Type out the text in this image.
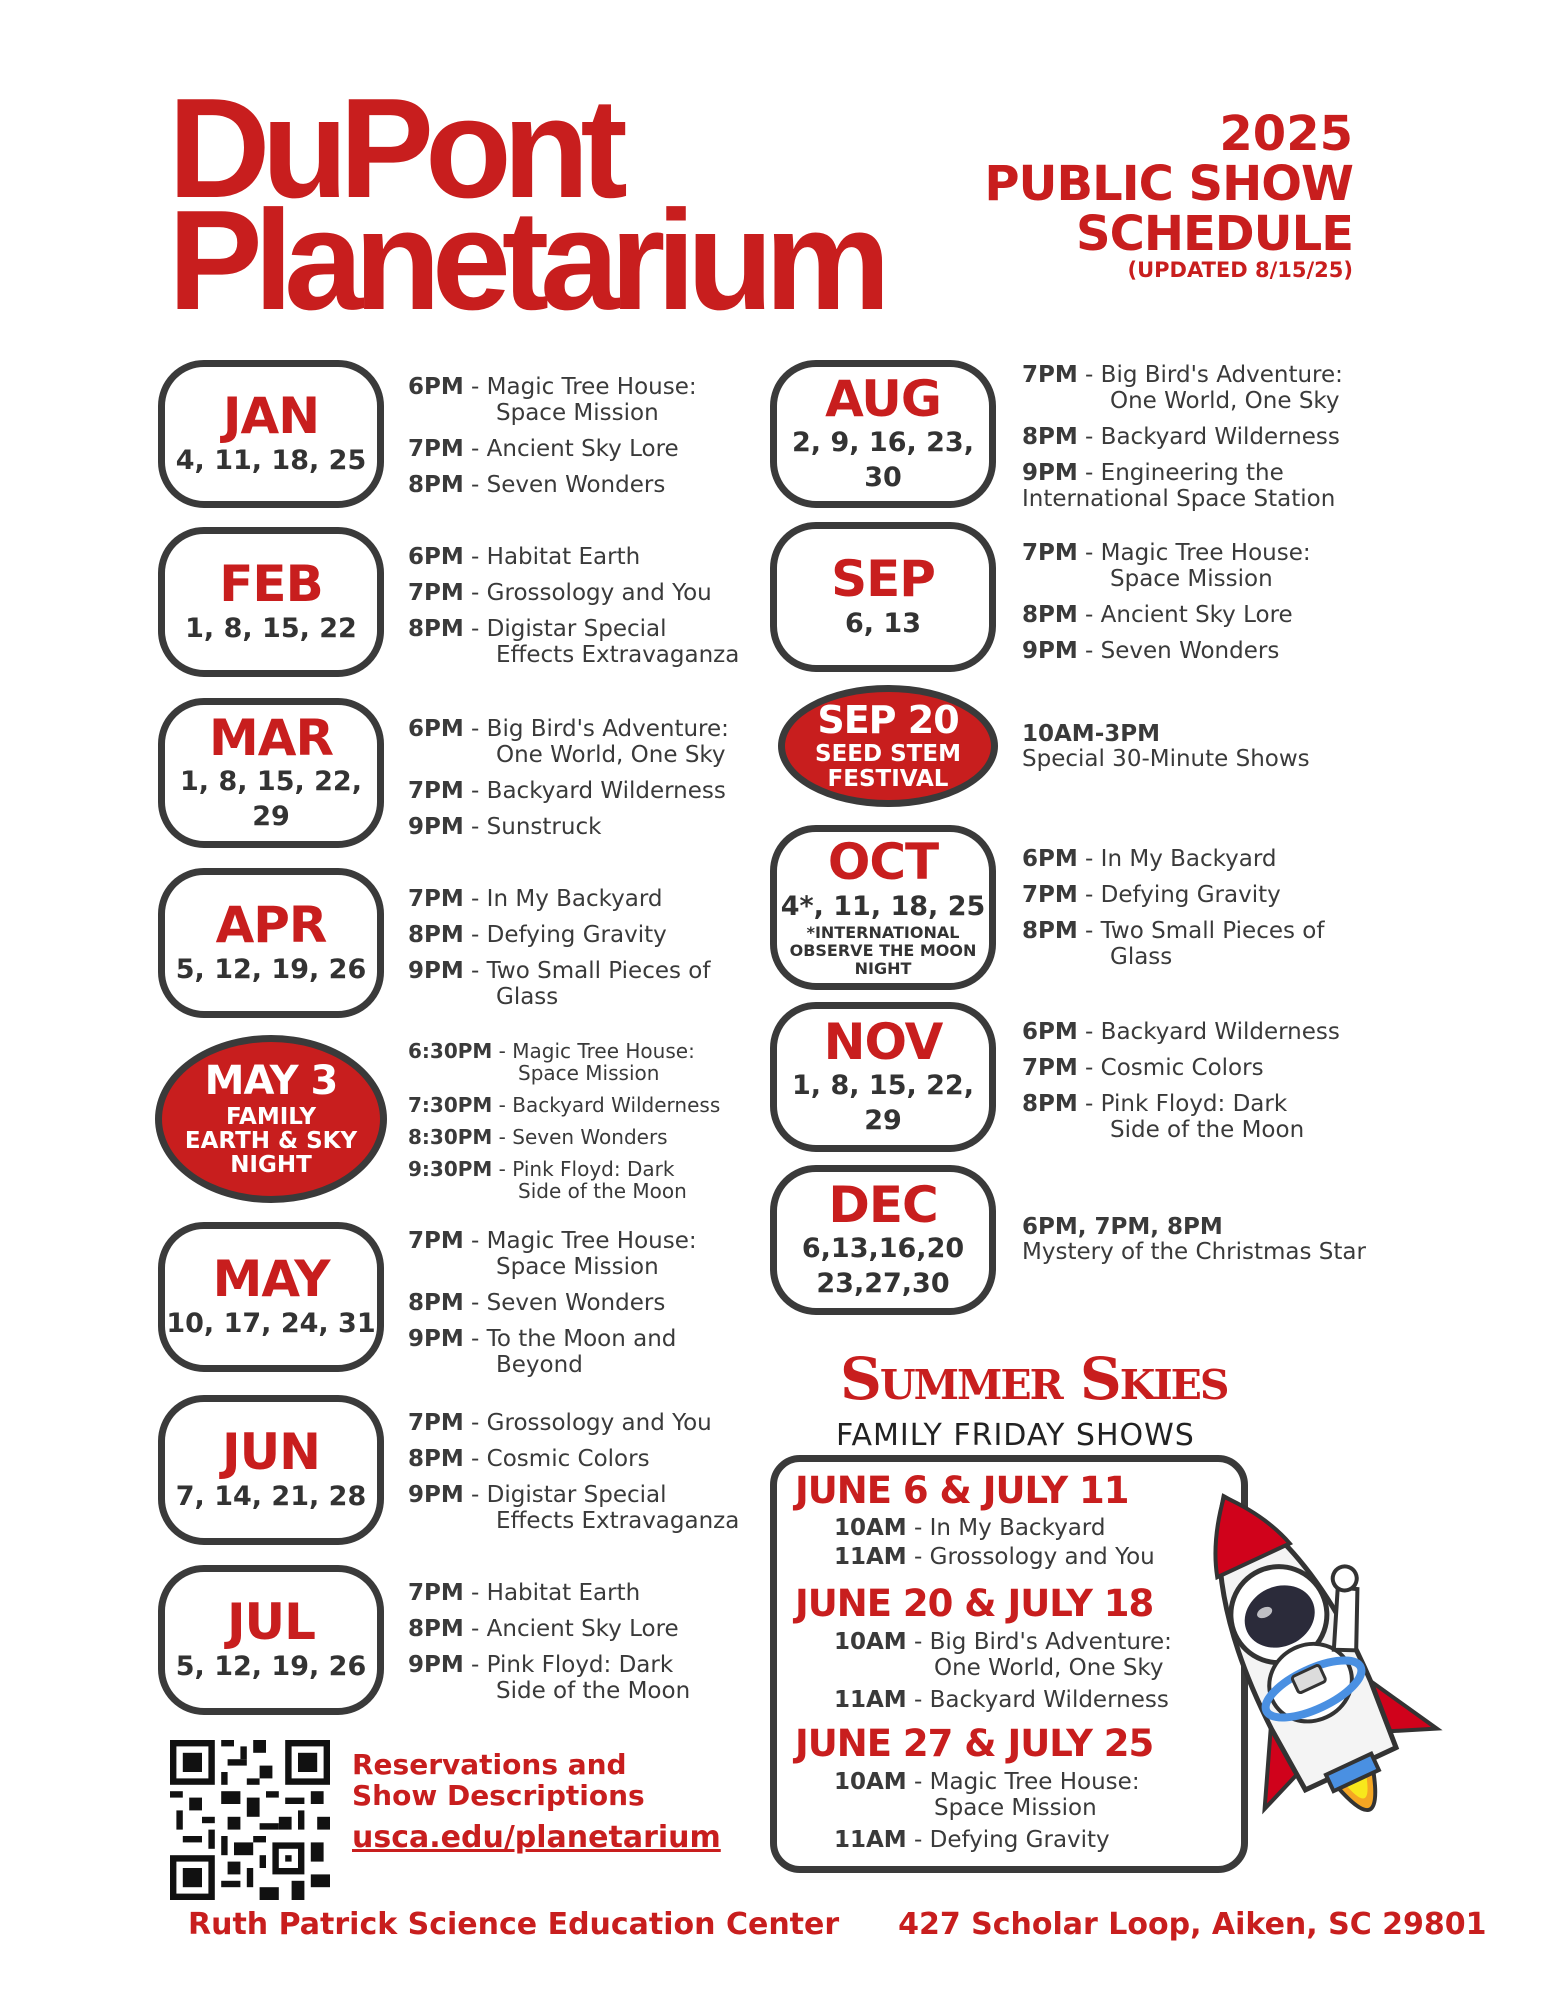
DuPont
Planetarium
2025
PUBLIC SHOW
SCHEDULE
(UPDATED 8/15/25)
JAN
4, 11, 18, 25
6PM - Magic Tree House:
Space Mission
7PM - Ancient Sky Lore
8PM - Seven Wonders
FEB
1, 8, 15, 22
6PM - Habitat Earth
7PM - Grossology and You
8PM - Digistar Special
Effects Extravaganza
MAR
1, 8, 15, 22, 29
6PM - Big Bird's Adventure:
One World, One Sky
7PM - Backyard Wilderness
9PM - Sunstruck
APR
5, 12, 19, 26
7PM - In My Backyard
8PM - Defying Gravity
9PM - Two Small Pieces of
Glass
MAY 3
FAMILY
EARTH & SKY
NIGHT
6:30PM - Magic Tree House:
Space Mission
7:30PM - Backyard Wilderness
8:30PM - Seven Wonders
9:30PM - Pink Floyd: Dark
Side of the Moon
MAY
10, 17, 24, 31
7PM - Magic Tree House:
Space Mission
8PM - Seven Wonders
9PM - To the Moon and
Beyond
JUN
7, 14, 21, 28
7PM - Grossology and You
8PM - Cosmic Colors
9PM - Digistar Special
Effects Extravaganza
JUL
5, 12, 19, 26
7PM - Habitat Earth
8PM - Ancient Sky Lore
9PM - Pink Floyd: Dark
Side of the Moon
Reservations and
Show Descriptions
usca.edu/planetarium
AUG
2, 9, 16, 23, 30
7PM - Big Bird's Adventure:
One World, One Sky
8PM - Backyard Wilderness
9PM - Engineering the
International Space Station
SEP
6, 13
7PM - Magic Tree House:
Space Mission
8PM - Ancient Sky Lore
9PM - Seven Wonders
SEP 20
SEED STEM
FESTIVAL
10AM-3PM
Special 30-Minute Shows
OCT
4*, 11, 18, 25
*INTERNATIONAL
OBSERVE THE MOON
NIGHT
6PM - In My Backyard
7PM - Defying Gravity
8PM - Two Small Pieces of
Glass
NOV
1, 8, 15, 22, 29
6PM - Backyard Wilderness
7PM - Cosmic Colors
8PM - Pink Floyd: Dark
Side of the Moon
DEC
6,13,16,20
23,27,30
6PM, 7PM, 8PM
Mystery of the Christmas Star
Summer Skies
FAMILY FRIDAY SHOWS
JUNE 6 & JULY 11
10AM - In My Backyard
11AM - Grossology and You
JUNE 20 & JULY 18
10AM - Big Bird's Adventure:
One World, One Sky
11AM - Backyard Wilderness
JUNE 27 & JULY 25
10AM - Magic Tree House:
Space Mission
11AM - Defying Gravity
Ruth Patrick Science Education Center 427 Scholar Loop, Aiken, SC 29801
